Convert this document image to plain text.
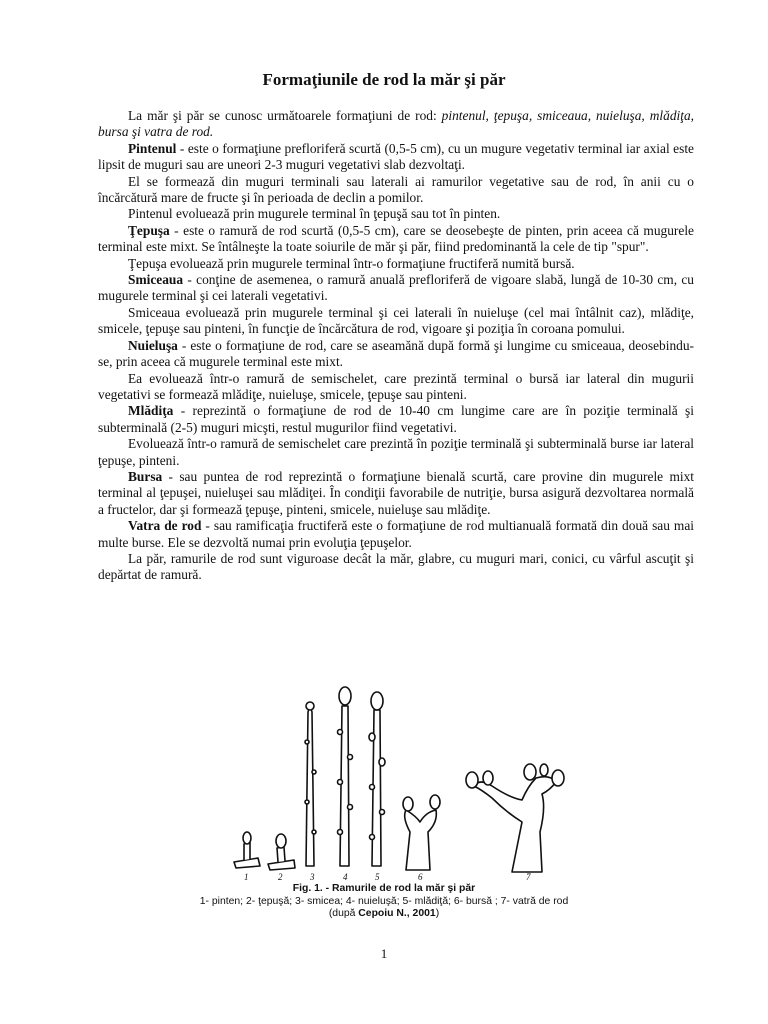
Formaţiunile de rod la măr şi păr

La măr şi păr se cunosc următoarele formaţiuni de rod: pintenul, ţepuşa, smiceaua, nuieluşa, mlădiţa, bursa şi vatra de rod.

Pintenul - este o formaţiune prefloriferă scurtă (0,5-5 cm), cu un mugure vegetativ terminal iar axial este lipsit de muguri sau are uneori 2-3 muguri vegetativi slab dezvoltaţi.

El se formează din muguri terminali sau laterali ai ramurilor vegetative sau de rod, în anii cu o încărcătură mare de fructe şi în perioada de declin a pomilor.

Pintenul evoluează prin mugurele terminal în ţepuşă sau tot în pinten.

Ţepuşa - este o ramură de rod scurtă (0,5-5 cm), care se deosebeşte de pinten, prin aceea că mugurele terminal este mixt. Se întâlneşte la toate soiurile de măr şi păr, fiind predominantă la cele de tip "spur".

Ţepuşa evoluează prin mugurele terminal într-o formaţiune fructiferă numită bursă.

Smiceaua - conţine de asemenea, o ramură anuală prefloriferă de vigoare slabă, lungă de 10-30 cm, cu mugurele terminal şi cei laterali vegetativi.

Smiceaua evoluează prin mugurele terminal şi cei laterali în nuieluşe (cel mai întâlnit caz), mlădiţe, smicele, ţepuşe sau pinteni, în funcţie de încărcătura de rod, vigoare şi poziţia în coroana pomului.

Nuieluşa - este o formaţiune de rod, care se aseamănă după formă şi lungime cu smiceaua, deosebindu-se, prin aceea că mugurele terminal este mixt.

Ea evoluează într-o ramură de semischelet, care prezintă terminal o bursă iar lateral din mugurii vegetativi se formează mlădiţe, nuieluşe, smicele, ţepuşe sau pinteni.

Mlădiţa - reprezintă o formaţiune de rod de 10-40 cm lungime care are în poziţie terminală şi subterminală (2-5) muguri micşti, restul mugurilor fiind vegetativi.

Evoluează într-o ramură de semischelet care prezintă în poziţie terminală şi subterminală burse iar lateral ţepuşe, pinteni.

Bursa - sau puntea de rod reprezintă o formaţiune bienală scurtă, care provine din mugurele mixt terminal al ţepuşei, nuieluşei sau mlădiţei. În condiţii favorabile de nutriţie, bursa asigură dezvoltarea normală a fructelor, dar şi formează ţepuşe, pinteni, smicele, nuieluşe sau mlădiţe.

Vatra de rod - sau ramificaţia fructiferă este o formaţiune de rod multianuală formată din două sau mai multe burse. Ele se dezvoltă numai prin evoluţia ţepuşelor.

La păr, ramurile de rod sunt viguroase decât la măr, glabre, cu muguri mari, conici, cu vârful ascuţit şi depărtat de ramură.

1	2	3	4	5	6	7
Fig. 1. - Ramurile de rod la măr şi păr
1- pinten; 2- ţepuşă; 3- smicea; 4- nuieluşă; 5- mlădiţă; 6- bursă ; 7- vatră de rod
(după Cepoiu N., 2001)
1
